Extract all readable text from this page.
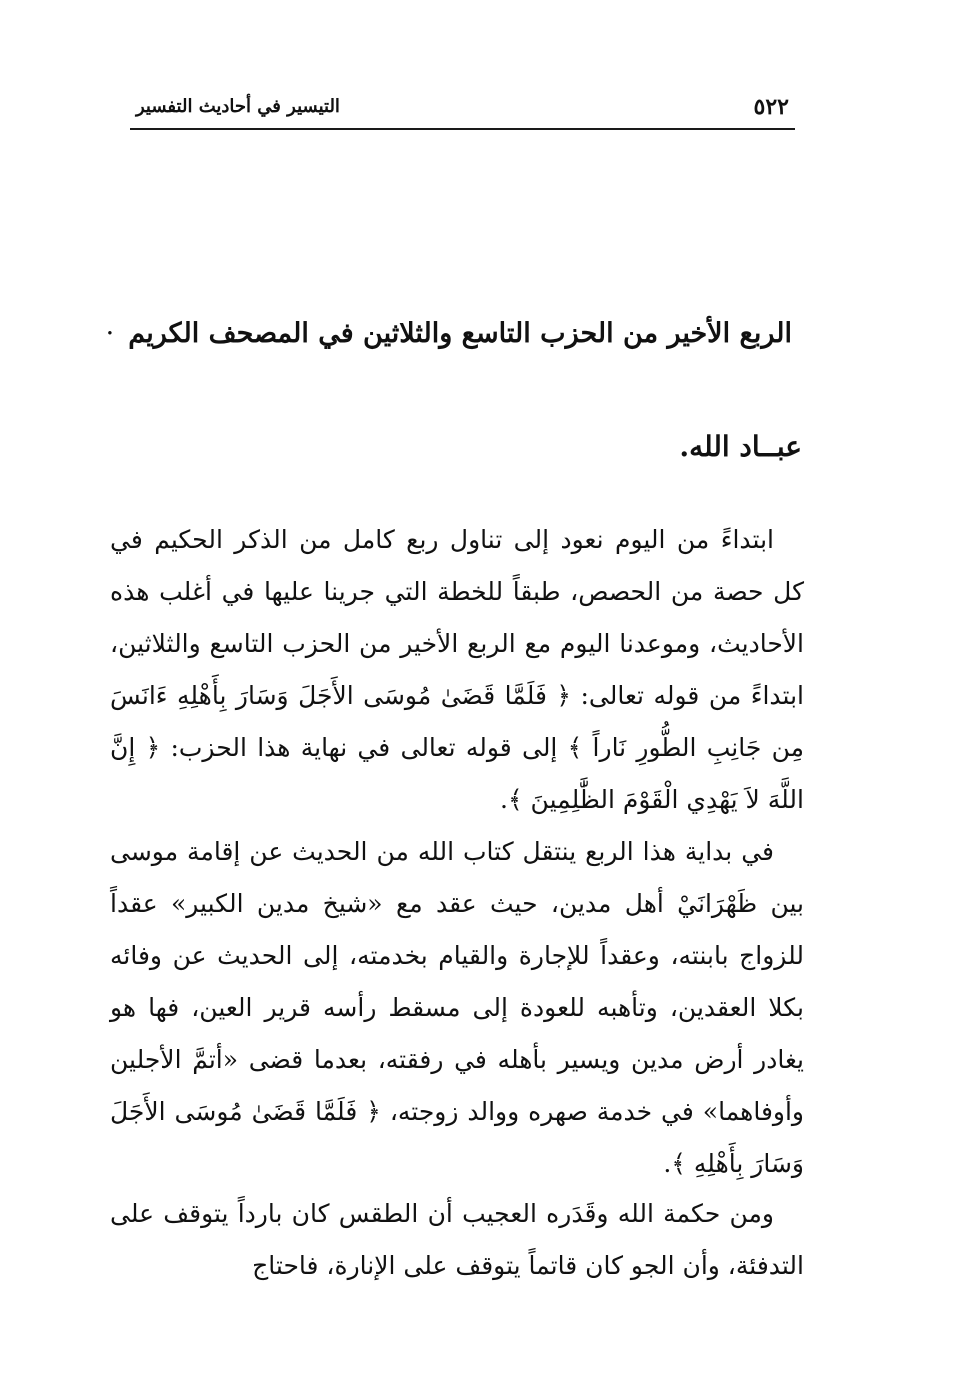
٥٢٢
التيسير في أحاديث التفسير
الربع الأخير من الحزب التاسع والثلاثين في المصحف الكريم·
عبــاد الله.

ابتداءً من اليوم نعود إلى تناول ربع كامل من الذكر الحكيم في كل حصة من الحصص، طبقاً للخطة التي جرينا عليها في أغلب هذه الأحاديث، وموعدنا اليوم مع الربع الأخير من الحزب التاسع والثلاثين، ابتداءً من قوله تعالى: ﴿ فَلَمَّا قَضَىٰ مُوسَى الأَجَلَ وَسَارَ بِأَهْلِهِ ءَانَسَ مِن جَانِبِ الطُّورِ نَاراً ﴾ إلى قوله تعالى في نهاية هذا الحزب: ﴿ إِنَّ اللَّهَ لاَ يَهْدِي الْقَوْمَ الظَّٰلِمِينَ ﴾.

في بداية هذا الربع ينتقل كتاب الله من الحديث عن إقامة موسى بين ظَهْرَانَيْ أهل مدين، حيث عقد مع «شيخ مدين الكبير» عقداً للزواج بابنته، وعقداً للإجارة والقيام بخدمته، إلى الحديث عن وفائه بكلا العقدين، وتأهبه للعودة إلى مسقط رأسه قرير العين، فها هو يغادر أرض مدين ويسير بأهله في رفقته، بعدما قضى «أتمَّ الأجلين وأوفاهما» في خدمة صهره ووالد زوجته، ﴿ فَلَمَّا قَضَىٰ مُوسَى الأَجَلَ وَسَارَ بِأَهْلِهِ ﴾.

ومن حكمة الله وقَدَره العجيب أن الطقس كان بارداً يتوقف على التدفئة، وأن الجو كان قاتماً يتوقف على الإنارة، فاحتاج
